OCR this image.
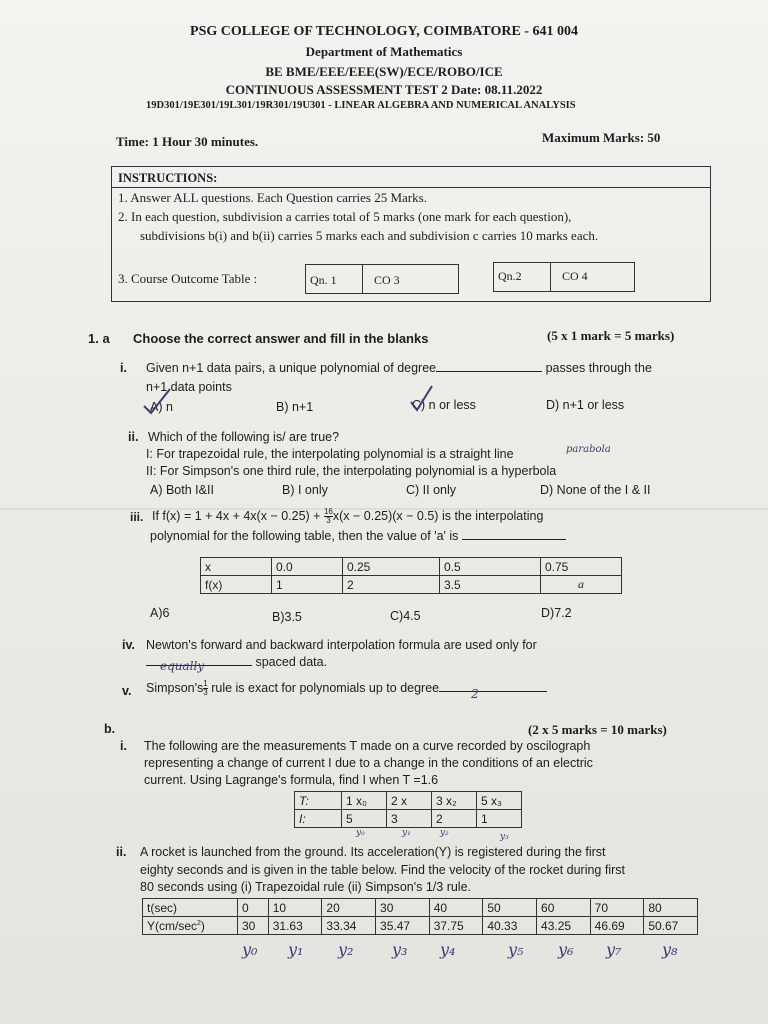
PSG COLLEGE OF TECHNOLOGY, COIMBATORE - 641 004
Department of Mathematics
BE BME/EEE/EEE(SW)/ECE/ROBO/ICE
CONTINUOUS ASSESSMENT TEST 2 Date: 08.11.2022
19D301/19E301/19L301/19R301/19U301 - LINEAR ALGEBRA AND NUMERICAL ANALYSIS
Time: 1 Hour 30 minutes.	Maximum Marks: 50
INSTRUCTIONS:
1. Answer ALL questions. Each Question carries 25 Marks.
2. In each question, subdivision a carries total of 5 marks (one mark for each question),
subdivisions b(i) and b(ii) carries 5 marks each and subdivision c carries 10 marks each.
3. Course Outcome Table :	Qn. 1	CO 3	Qn.2	CO 4
1. a Choose the correct answer and fill in the blanks	(5 x 1 mark = 5 marks)
i. Given n+1 data pairs, a unique polynomial of degree	passes through the
n+1 data points
A) n	B) n+1	C) n or less	D) n+1 or less
ii. Which of the following is/ are true?
I: For trapezoidal rule, the interpolating polynomial is a straight line	parabola
II: For Simpson's one third rule, the interpolating polynomial is a hyperbola
A) Both I&II	B) I only	C) II only	D) None of the I & II
iii. If $f(x) = 1 + 4x + 4x(x - 0.25) + \frac{16}{3} x(x - 0.25)(x - 0.5)$ is the interpolating
polynomial for the following table, then the value of 'a' is
x	0.0	0.25	0.5	0.75
f(x)	1	2	3.5	a
A)6	B)3.5	C)4.5	D)7.2
iv. Newton's forward and backward interpolation formula are used only for
equally	spaced data.
v. Simpson's $\frac{1}{3}$ rule is exact for polynomials up to degree	2
b.	(2 x 5 marks = 10 marks)
i. The following are the measurements T made on a curve recorded by oscilograph
representing a change of current I due to a change in the conditions of an electric
current. Using Lagrange's formula, find I when T =1.6
T:	1 x₀	2 x	3 x₂	5 x₃
I:	5	3	2	1
y₀	y₁	y₂	y₃
ii. A rocket is launched from the ground. Its acceleration(Y) is registered during the first
eighty seconds and is given in the table below. Find the velocity of the rocket during first
80 seconds using (i) Trapezoidal rule (ii) Simpson's 1/3 rule.
t(sec)	0	10	20	30	40	50	60	70	80
$Y(cm/\sec^2)$	30	31.63	33.34	35.47	37.75	40.33	43.25	46.69	50.67
y₀ y₁ y₂ y₃ y₄	y₅ y₆ y₇	y₈
